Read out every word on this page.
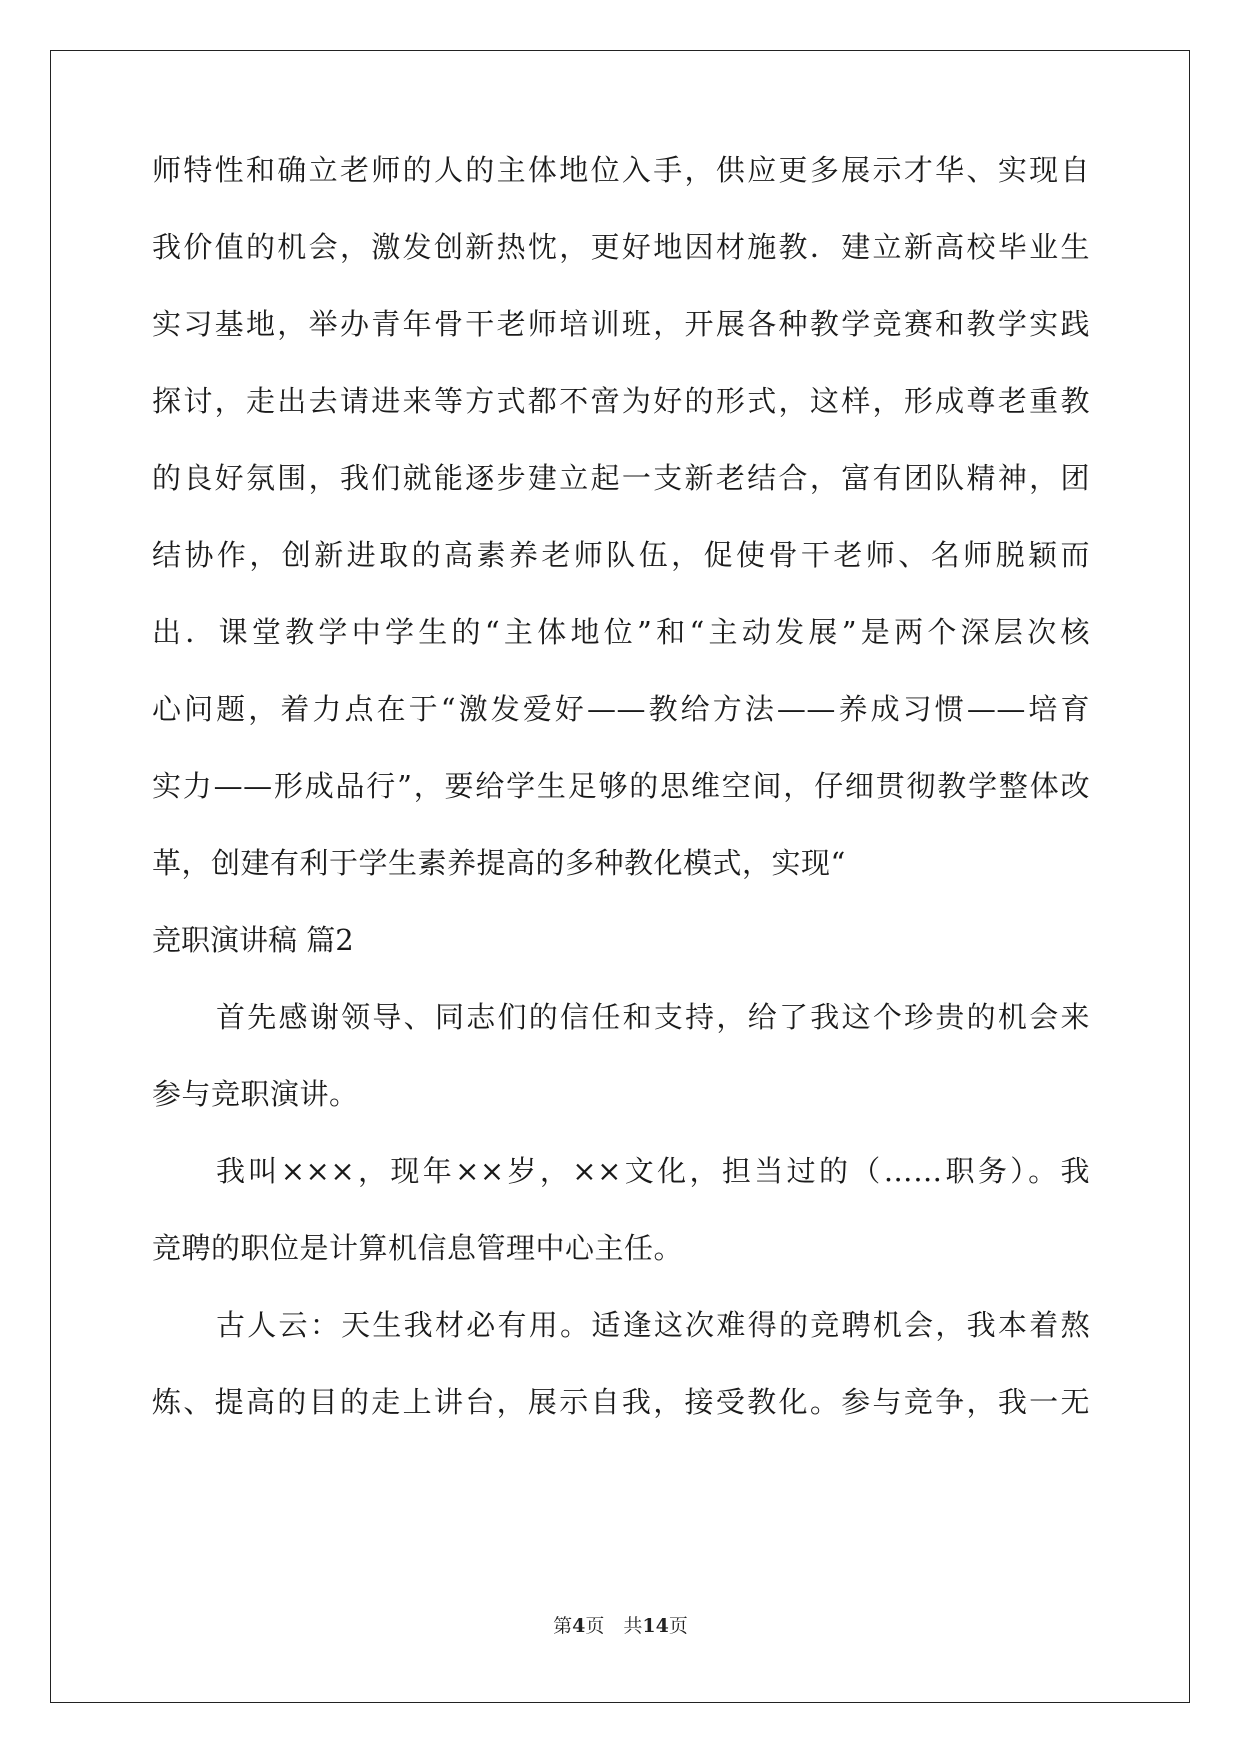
师特性和确立老师的人的主体地位入手，供应更多展示才华、实现自
我价值的机会，激发创新热忱，更好地因材施教．建立新高校毕业生
实习基地，举办青年骨干老师培训班，开展各种教学竞赛和教学实践
探讨，走出去请进来等方式都不啻为好的形式，这样，形成尊老重教
的良好氛围，我们就能逐步建立起一支新老结合，富有团队精神，团
结协作，创新进取的高素养老师队伍，促使骨干老师、名师脱颖而
出．课堂教学中学生的“主体地位”和“主动发展”是两个深层次核
心问题，着力点在于“激发爱好——教给方法——养成习惯——培育
实力——形成品行”，要给学生足够的思维空间，仔细贯彻教学整体改
革，创建有利于学生素养提高的多种教化模式，实现“
竞职演讲稿 篇2
首先感谢领导、同志们的信任和支持，给了我这个珍贵的机会来
参与竞职演讲。
我叫×××，现年××岁，××文化，担当过的（……职务）。我
竞聘的职位是计算机信息管理中心主任。
古人云：天生我材必有用。适逢这次难得的竞聘机会，我本着熬
炼、提高的目的走上讲台，展示自我，接受教化。参与竞争，我一无
第4页  共14页
